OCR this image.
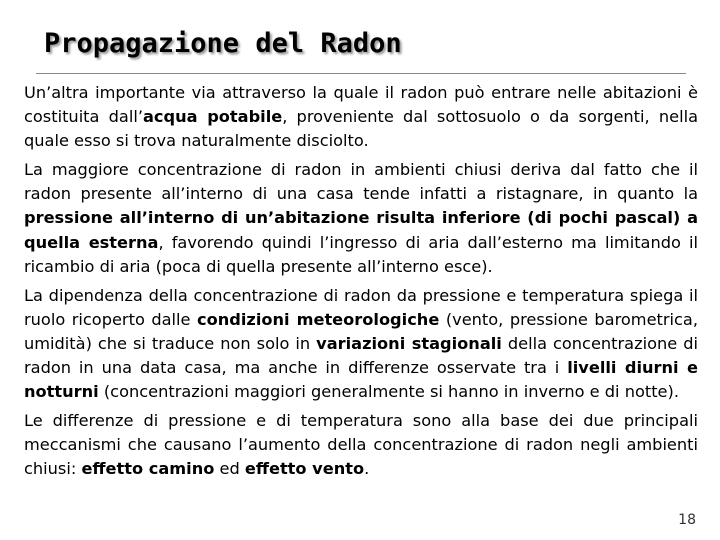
Propagazione del Radon

Un’altra importante via attraverso la quale il radon può entrare nelle abitazioni è costituita dall’acqua potabile, proveniente dal sottosuolo o da sorgenti, nella quale esso si trova naturalmente disciolto.

La maggiore concentrazione di radon in ambienti chiusi deriva dal fatto che il radon presente all’interno di una casa tende infatti a ristagnare, in quanto la pressione all’interno di un’abitazione risulta inferiore (di pochi pascal) a quella esterna, favorendo quindi l’ingresso di aria dall’esterno ma limitando il ricambio di aria (poca di quella presente all’interno esce).

La dipendenza della concentrazione di radon da pressione e temperatura spiega il ruolo ricoperto dalle condizioni meteorologiche (vento, pressione barometrica, umidità) che si traduce non solo in variazioni stagionali della concentrazione di radon in una data casa, ma anche in differenze osservate tra i livelli diurni e notturni (concentrazioni maggiori generalmente si hanno in inverno e di notte).

Le differenze di pressione e di temperatura sono alla base dei due principali meccanismi che causano l’aumento della concentrazione di radon negli ambienti chiusi: effetto camino ed effetto vento.

18
